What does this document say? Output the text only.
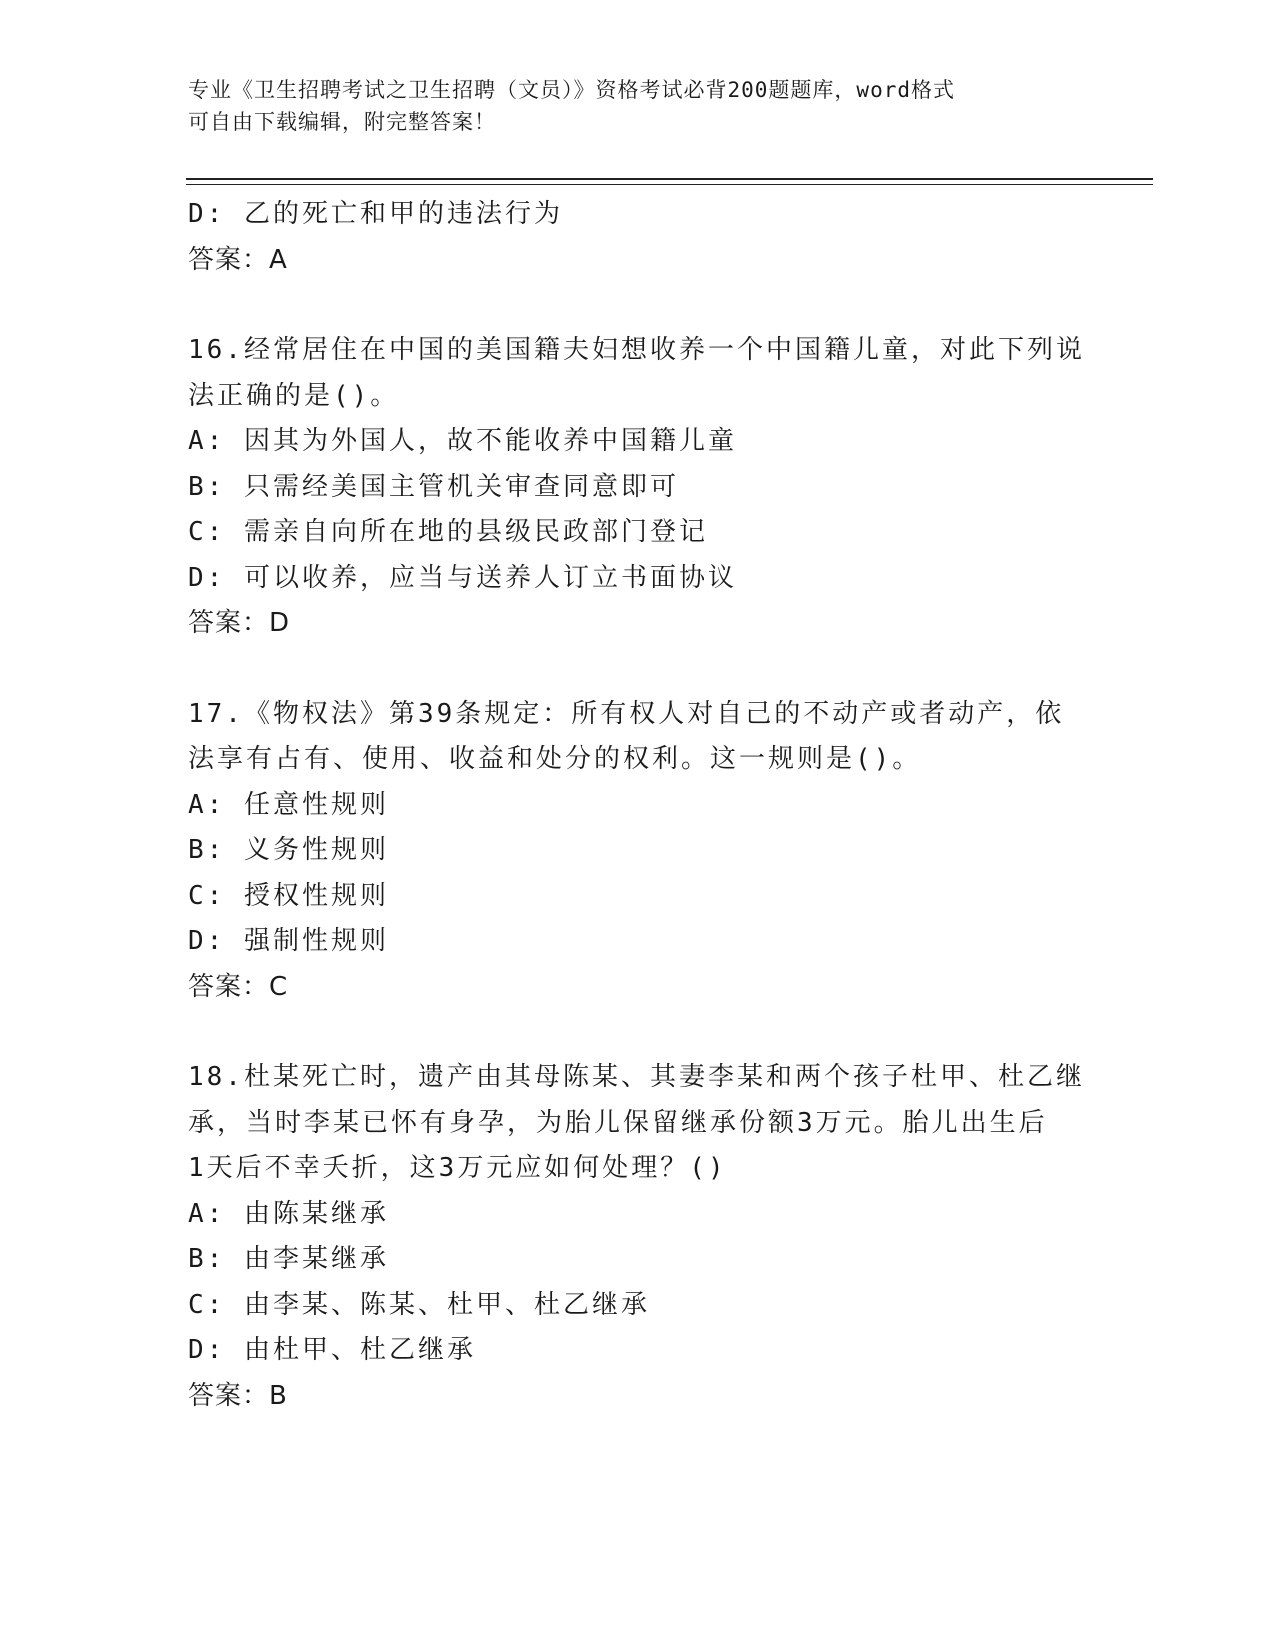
专业《卫生招聘考试之卫生招聘（文员）》资格考试必背200题题库，word格式
可自由下载编辑，附完整答案！
D: 乙的死亡和甲的违法行为
答案：A
16.经常居住在中国的美国籍夫妇想收养一个中国籍儿童，对此下列说
法正确的是()。
A: 因其为外国人，故不能收养中国籍儿童
B: 只需经美国主管机关审查同意即可
C: 需亲自向所在地的县级民政部门登记
D: 可以收养，应当与送养人订立书面协议
答案：D
17.《物权法》第39条规定：所有权人对自己的不动产或者动产，依
法享有占有、使用、收益和处分的权利。这一规则是()。
A: 任意性规则
B: 义务性规则
C: 授权性规则
D: 强制性规则
答案：C
18.杜某死亡时，遗产由其母陈某、其妻李某和两个孩子杜甲、杜乙继
承，当时李某已怀有身孕，为胎儿保留继承份额3万元。胎儿出生后
1天后不幸夭折，这3万元应如何处理？()
A: 由陈某继承
B: 由李某继承
C: 由李某、陈某、杜甲、杜乙继承
D: 由杜甲、杜乙继承
答案：B
